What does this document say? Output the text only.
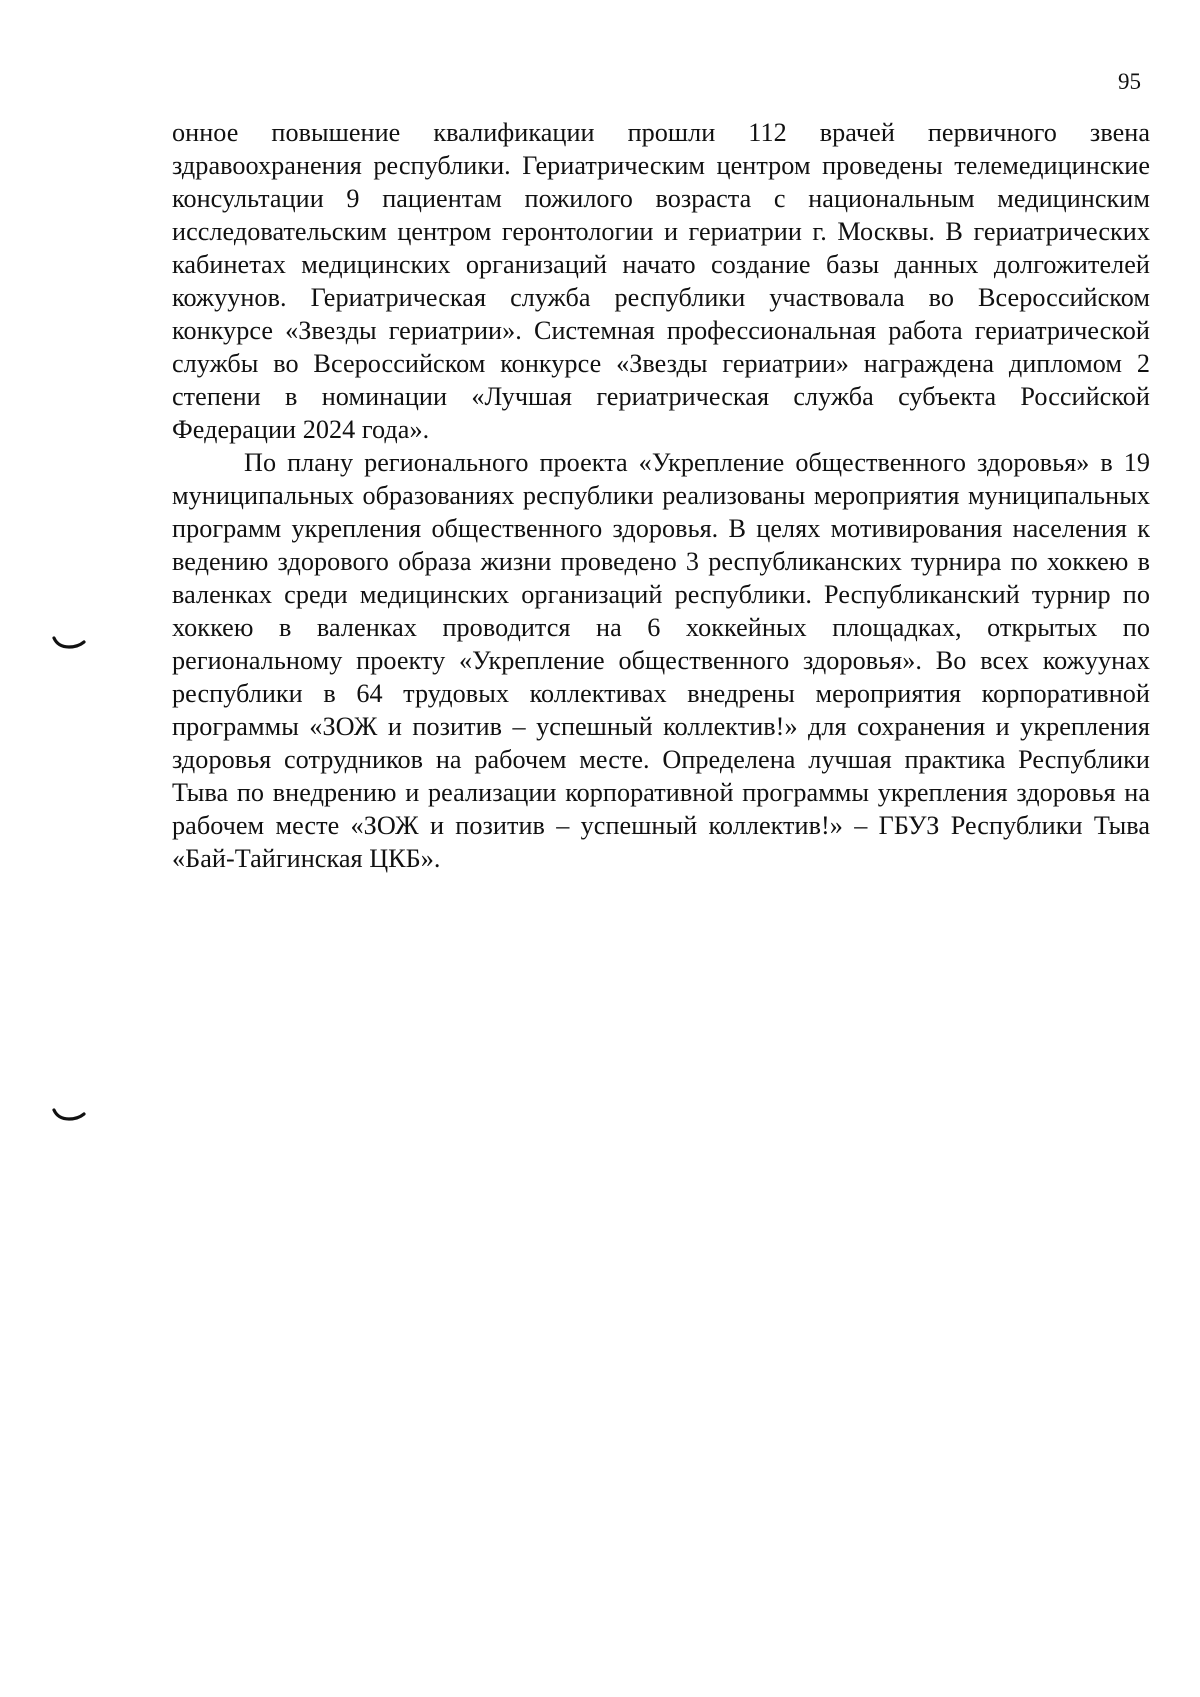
95

онное повышение квалификации прошли 112 врачей первичного звена здравоохранения республики. Гериатрическим центром проведены телемедицинские консультации 9 пациентам пожилого возраста с национальным медицинским исследовательским центром геронтологии и гериатрии г. Москвы. В гериатрических кабинетах медицинских организаций начато создание базы данных долгожителей кожуунов. Гериатрическая служба республики участвовала во Всероссийском конкурсе «Звезды гериатрии». Системная профессиональная работа гериатрической службы во Всероссийском конкурсе «Звезды гериатрии» награждена дипломом 2 степени в номинации «Лучшая гериатрическая служба субъекта Российской Федерации 2024 года».

По плану регионального проекта «Укрепление общественного здоровья» в 19 муниципальных образованиях республики реализованы мероприятия муниципальных программ укрепления общественного здоровья. В целях мотивирования населения к ведению здорового образа жизни проведено 3 республиканских турнира по хоккею в валенках среди медицинских организаций республики. Республиканский турнир по хоккею в валенках проводится на 6 хоккейных площадках, открытых по региональному проекту «Укрепление общественного здоровья». Во всех кожуунах республики в 64 трудовых коллективах внедрены мероприятия корпоративной программы «ЗОЖ и позитив – успешный коллектив!» для сохранения и укрепления здоровья сотрудников на рабочем месте. Определена лучшая практика Республики Тыва по внедрению и реализации корпоративной программы укрепления здоровья на рабочем месте «ЗОЖ и позитив – успешный коллектив!» – ГБУЗ Республики Тыва «Бай-Тайгинская ЦКБ».
